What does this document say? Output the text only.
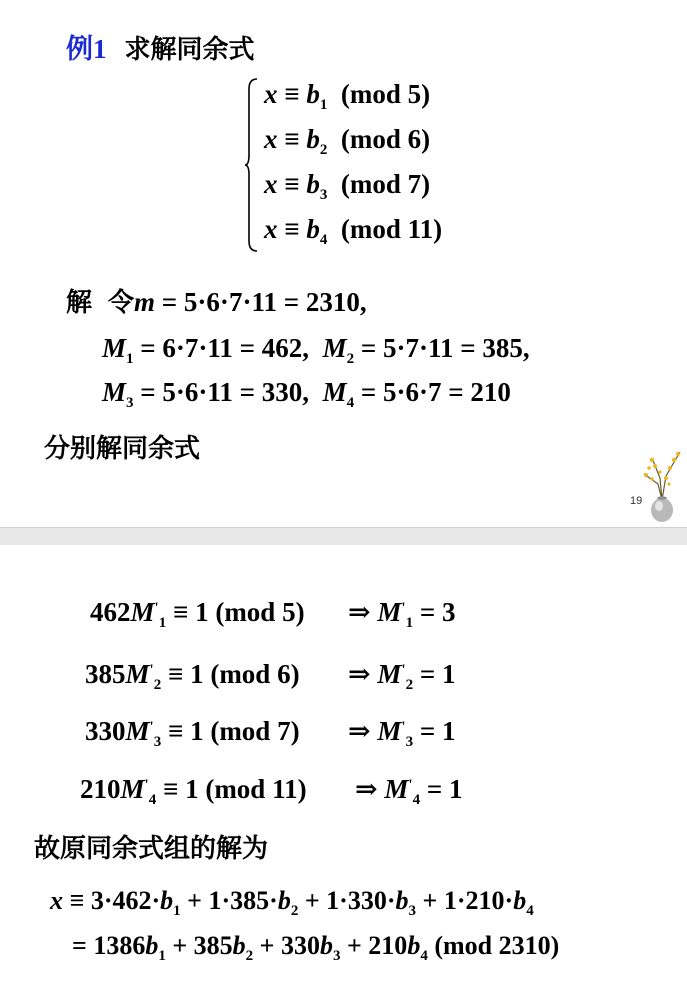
例1 求解同余式
$x \equiv b_1$ (mod 5)
$x \equiv b_2$ (mod 6)
$x \equiv b_3$ (mod 7)
$x \equiv b_4$ (mod 11)
解 令m = 5·6·7·11 = 2310,
$M_1 = 6\cdot 7\cdot 11 = 462$, $M_2 = 5\cdot 7\cdot 11 = 385$,
$M_3 = 5\cdot 6\cdot 11 = 330$, $M_4 = 5\cdot 6\cdot 7 = 210$
分别解同余式
19
$462M'_1 \equiv 1$ (mod 5) ⇒ $M'_1 = 3$
$385M'_2 \equiv 1$ (mod 6) ⇒ $M'_2 = 1$
$330M'_3 \equiv 1$ (mod 7) ⇒ $M'_3 = 1$
$210M'_4 \equiv 1$ (mod 11) ⇒ $M'_4 = 1$
故原同余式组的解为
$x \equiv 3\cdot 462\cdot b_1 + 1\cdot 385\cdot b_2 + 1\cdot 330\cdot b_3 + 1\cdot 210\cdot b_4$
= $1386b_1 + 385b_2 + 330b_3 + 210b_4$ (mod 2310)
